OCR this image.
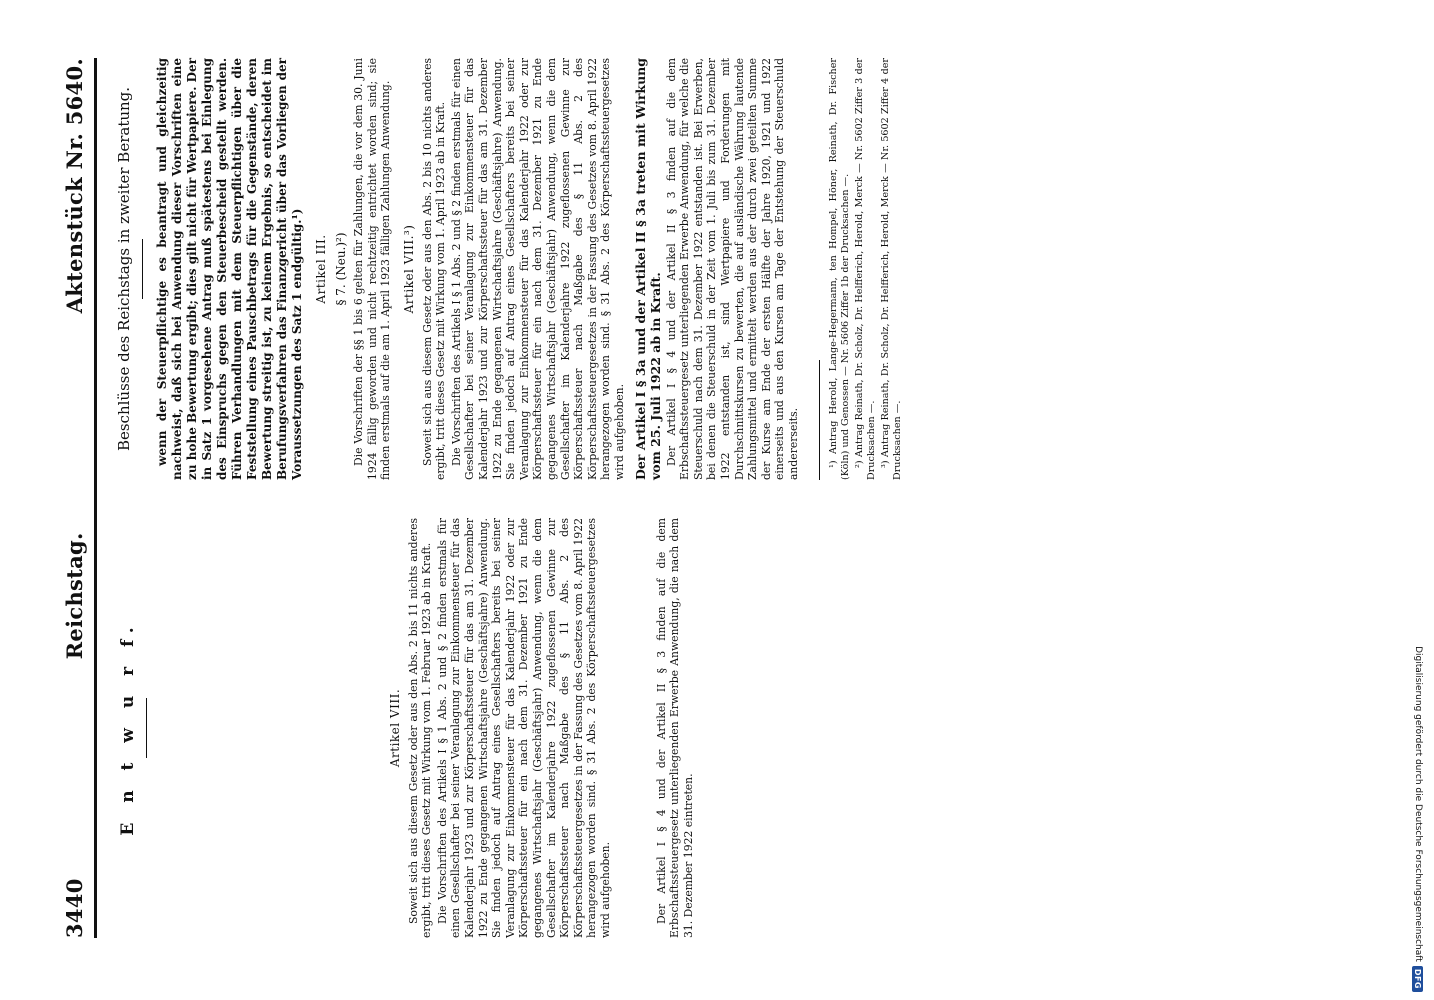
3440
Reichstag.
Aktenstück Nr. 5640.
E n t w u r f.	Artikel VIII. Soweit sich aus diesem Gesetz oder aus den Abs. 2 bis 11 nichts anderes ergibt, tritt dieses Gesetz mit Wirkung vom 1. Februar 1923 ab in Kraft. Die Vorschriften des Artikels I § 1 Abs. 2 und § 2 finden erstmals für einen Gesellschafter bei seiner Veranlagung zur Einkommensteuer für das Kalenderjahr 1923 und zur Körperschaftssteuer für das am 31. Dezember 1922 zu Ende gegangenen Wirtschaftsjahre (Geschäftsjahre) Anwendung. Sie finden jedoch auf Antrag eines Gesellschafters bereits bei seiner Veranlagung zur Einkommensteuer für das Kalenderjahr 1922 oder zur Körperschaftssteuer für ein nach dem 31. Dezember 1921 zu Ende gegangenes Wirtschaftsjahr (Geschäftsjahr) Anwendung, wenn die dem Gesellschafter im Kalenderjahre 1922 zugeflossenen Gewinne zur Körperschaftssteuer nach Maßgabe des § 11 Abs. 2 des Körperschaftssteuergesetzes in der Fassung des Gesetzes vom 8. April 1922 herangezogen worden sind. § 31 Abs. 2 des Körperschaftssteuergesetzes wird aufgehoben.	Der Artikel I § 4 und der Artikel II § 3 finden auf die dem Erbschaftssteuergesetz unterliegenden Erwerbe Anwendung, die nach dem 31. Dezember 1922 eintreten.

Beschlüsse des Reichstags in zweiter Beratung. wenn der Steuerpflichtige es beantragt und gleichzeitig nachweist, daß sich bei Anwendung dieser Vorschriften eine zu hohe Bewertung ergibt; dies gilt nicht für Wertpapiere. Der in Satz 1 vorgesehene Antrag muß spätestens bei Einlegung des Einspruchs gegen den Steuerbescheid gestellt werden. Führen Verhandlungen mit dem Steuerpflichtigen über die Feststellung eines Pauschbetrags für die Gegenstände, deren Bewertung streitig ist, zu keinem Ergebnis, so entscheidet im Berufungsverfahren das Finanzgericht über das Vorliegen der Voraussetzungen des Satz 1 endgültig.¹) Artikel III. § 7. (Neu.)²) Die Vorschriften der §§ 1 bis 6 gelten für Zahlungen, die vor dem 30. Juni 1924 fällig geworden und nicht rechtzeitig entrichtet worden sind; sie finden erstmals auf die am 1. April 1923 fälligen Zahlungen Anwendung. Artikel VIII.³) Soweit sich aus diesem Gesetz oder aus den Abs. 2 bis 10 nichts anderes ergibt, tritt dieses Gesetz mit Wirkung vom 1. April 1923 ab in Kraft. Die Vorschriften des Artikels I § 1 Abs. 2 und § 2 finden erstmals für einen Gesellschafter bei seiner Veranlagung zur Einkommensteuer für das Kalenderjahr 1923 und zur Körperschaftssteuer für das am 31. Dezember 1922 zu Ende gegangenen Wirtschaftsjahre (Geschäftsjahre) Anwendung. Sie finden jedoch auf Antrag eines Gesellschafters bereits bei seiner Veranlagung zur Einkommensteuer für das Kalenderjahr 1922 oder zur Körperschaftssteuer für ein nach dem 31. Dezember 1921 zu Ende gegangenes Wirtschaftsjahr (Geschäftsjahr) Anwendung, wenn die dem Gesellschafter im Kalenderjahre 1922 zugeflossenen Gewinne zur Körperschaftssteuer nach Maßgabe des § 11 Abs. 2 des Körperschaftssteuergesetzes in der Fassung des Gesetzes vom 8. April 1922 herangezogen worden sind. § 31 Abs. 2 des Körperschaftssteuergesetzes wird aufgehoben. Der Artikel I § 3a und der Artikel II § 3a treten mit Wirkung vom 25. Juli 1922 ab in Kraft. Der Artikel I § 4 und der Artikel II § 3 finden auf die dem Erbschaftssteuergesetz unterliegenden Erwerbe Anwendung, für welche die Steuerschuld nach dem 31. Dezember 1922 entstanden ist. Bei Erwerben, bei denen die Steuerschuld in der Zeit vom 1. Juli bis zum 31. Dezember 1922 entstanden ist, sind Wertpapiere und Forderungen mit Durchschnittskursen zu bewerten, die auf ausländische Währung lautende Zahlungsmittel und ermittelt werden aus der durch zwei geteilten Summe der Kurse am Ende der ersten Hälfte der Jahre 1920, 1921 und 1922 einerseits und aus den Kursen am Tage der Entstehung der Steuerschuld andererseits.	¹) Antrag Herold, Lange-Hegermann, ten Hompel, Höner, Reinath, Dr. Fischer (Köln) und Genossen — Nr. 5606 Ziffer 1b der Drucksachen —. ²) Antrag Reinath, Dr. Scholz, Dr. Helfferich, Herold, Merck — Nr. 5602 Ziffer 3 der Drucksachen —. ³) Antrag Reinath, Dr. Scholz, Dr. Helfferich, Herold, Merck — Nr. 5602 Ziffer 4 der Drucksachen —.

Digitalisierung gefördert durch die Deutsche Forschungsgemeinschaft
DFG
